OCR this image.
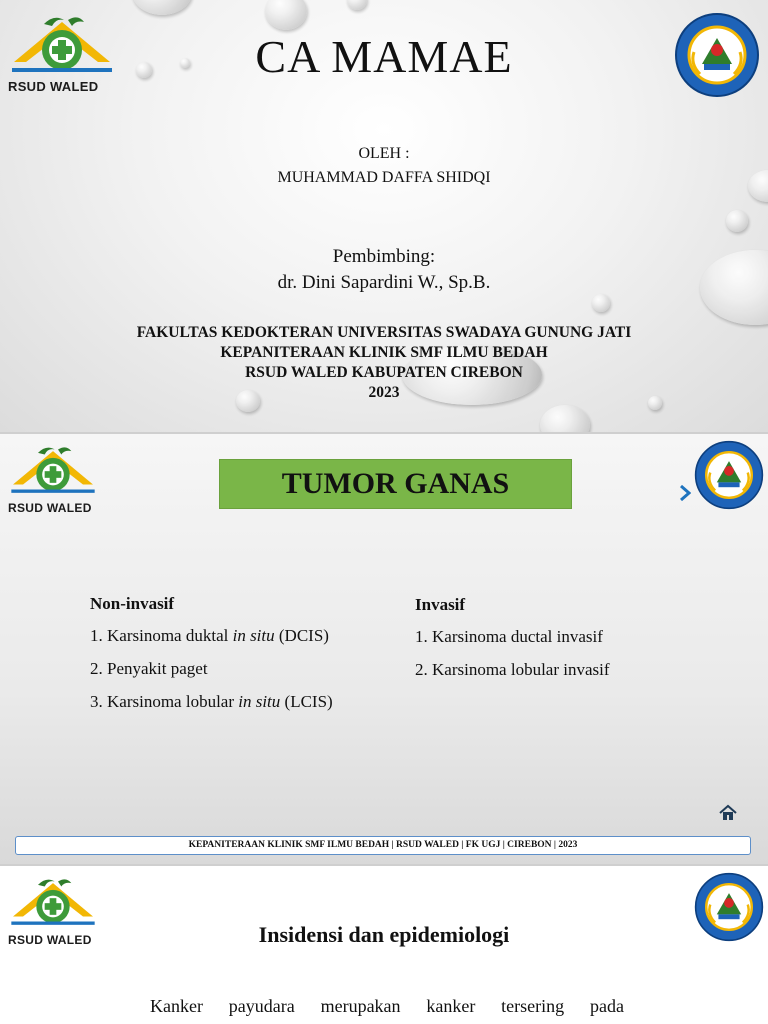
RSUD WALED
CA MAMAE
OLEH :
MUHAMMAD DAFFA SHIDQI
Pembimbing:
dr. Dini Sapardini W., Sp.B.
FAKULTAS KEDOKTERAN UNIVERSITAS SWADAYA GUNUNG JATI
KEPANITERAAN KLINIK SMF ILMU BEDAH
RSUD WALED KABUPATEN CIREBON
2023
RSUD WALED
TUMOR GANAS
Non-invasif
1. Karsinoma duktal in situ (DCIS)
2. Penyakit paget
3. Karsinoma lobular in situ (LCIS)
Invasif
1. Karsinoma ductal invasif
2. Karsinoma lobular invasif
KEPANITERAAN KLINIK SMF ILMU BEDAH | RSUD WALED | FK UGJ | CIREBON | 2023
RSUD WALED	Insidensi dan epidemiologi
Kanker payudara merupakan kanker tersering pada
